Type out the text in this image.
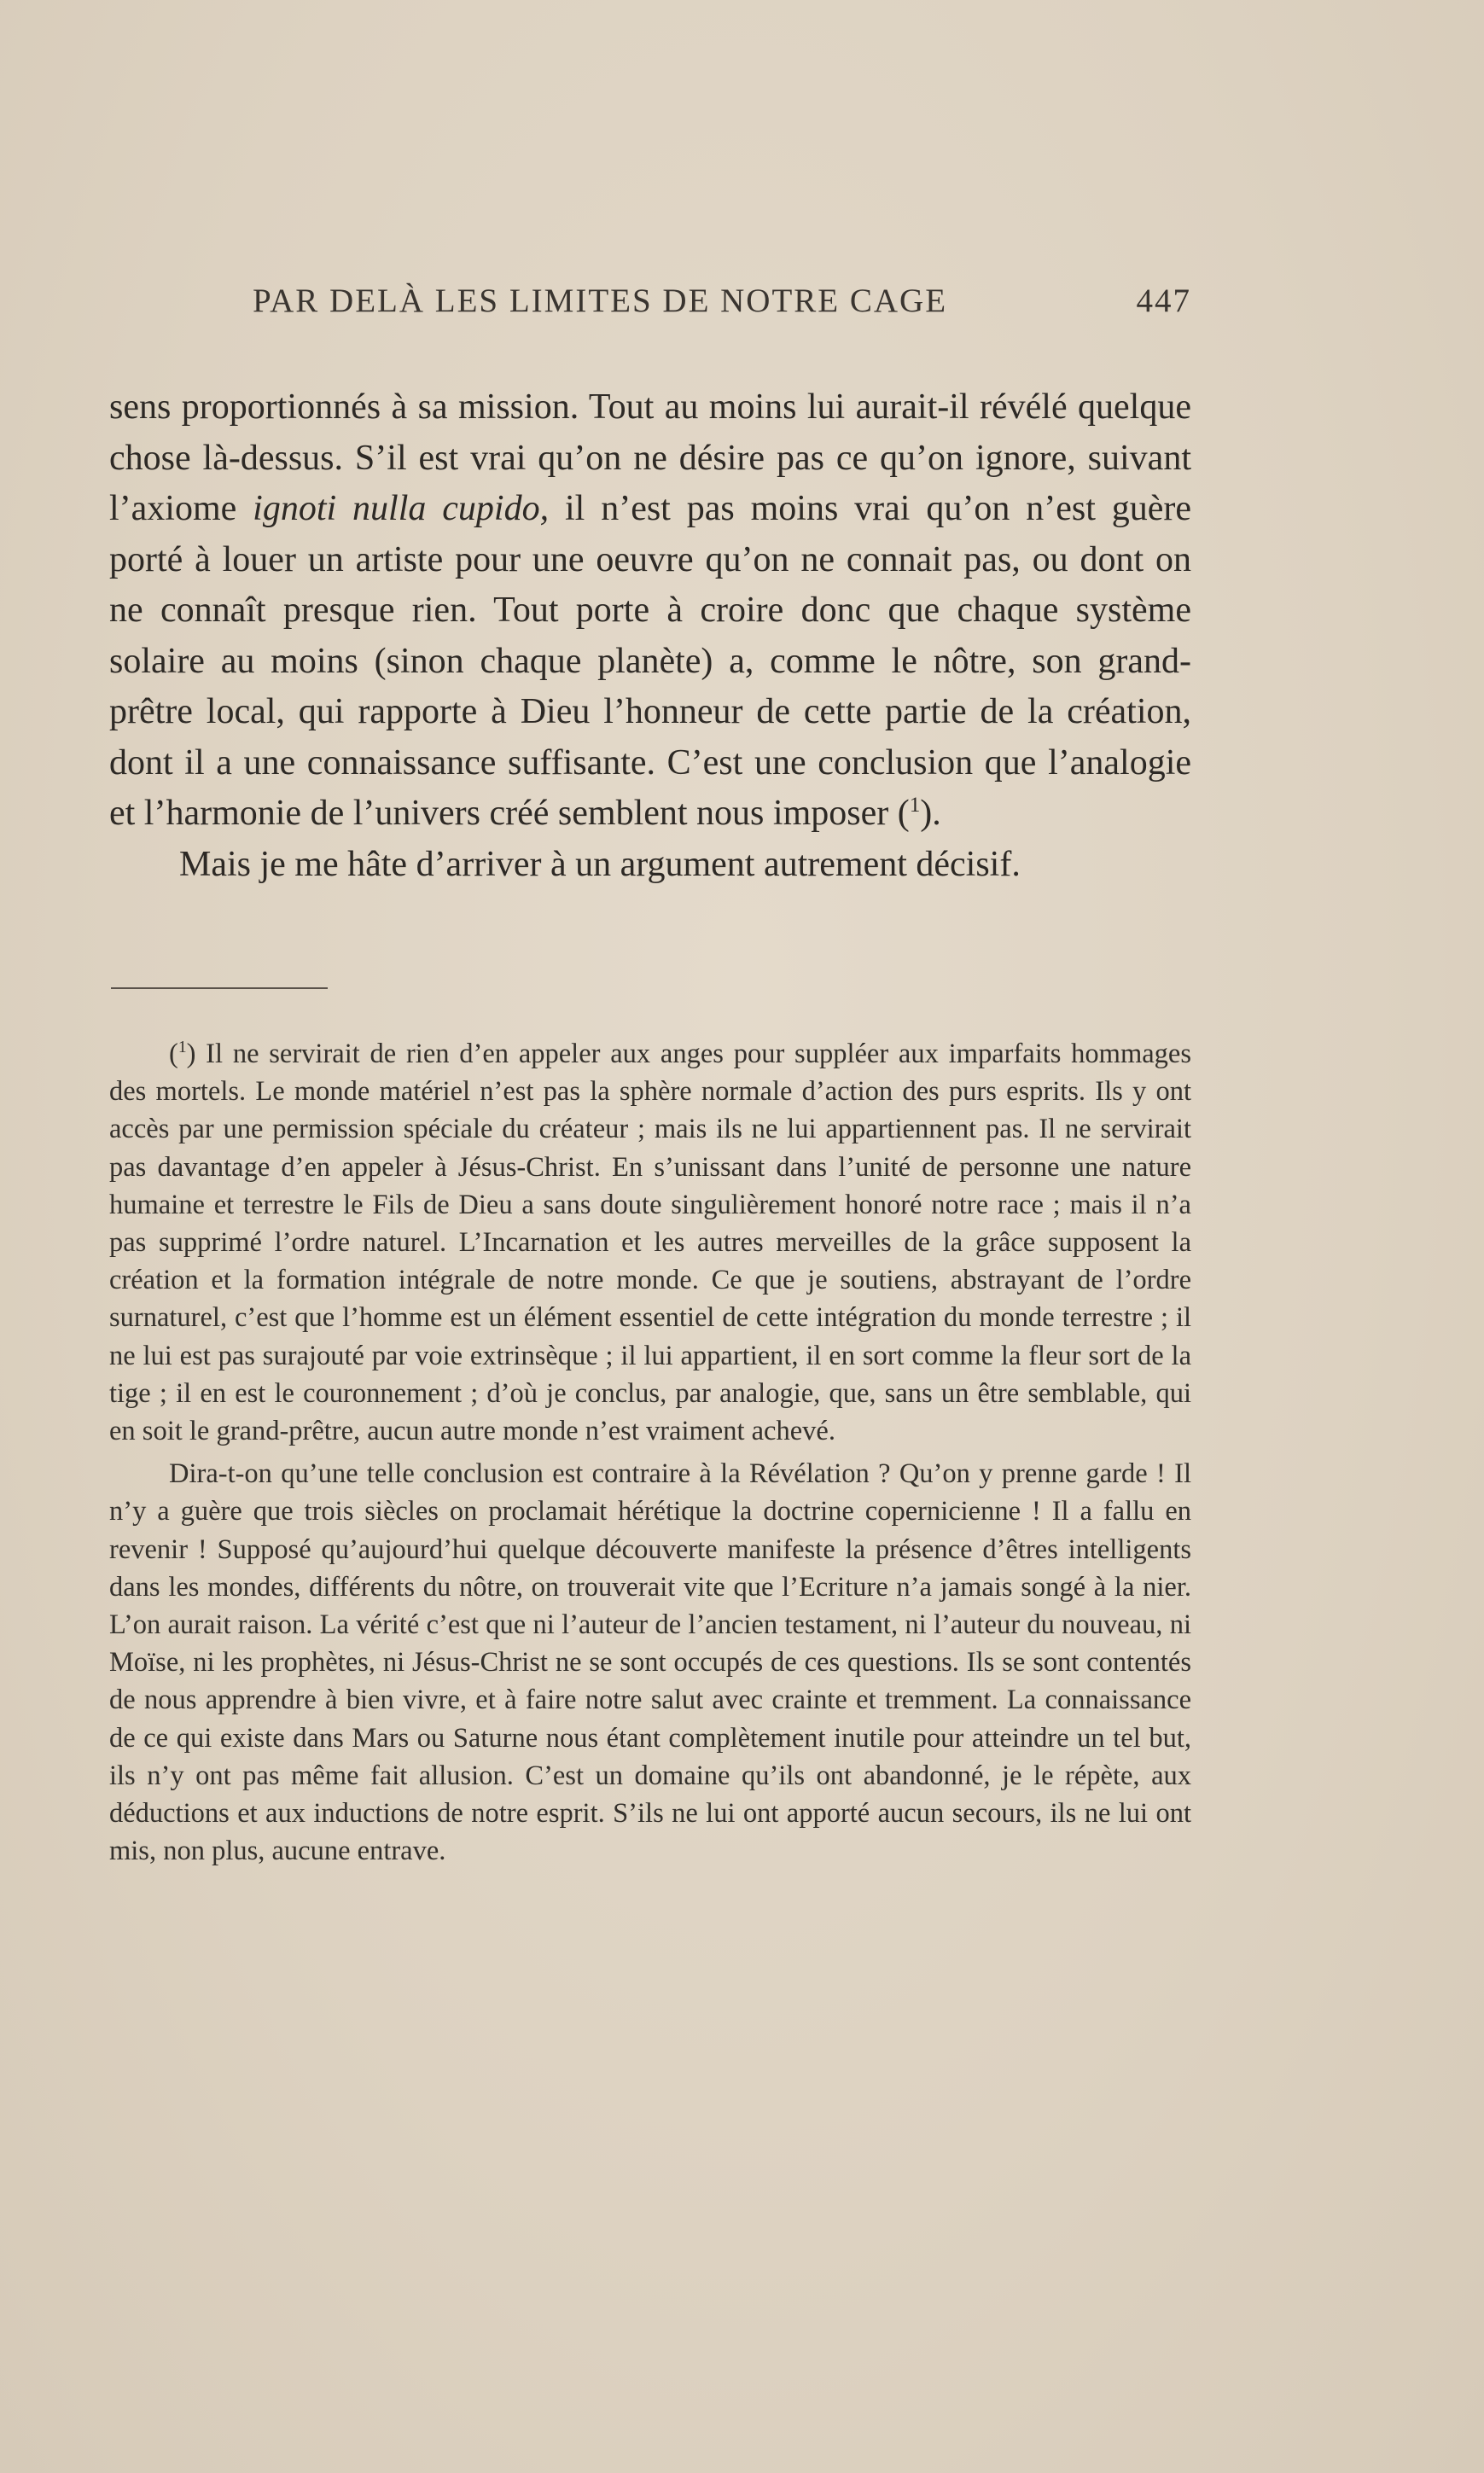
PAR DELÀ LES LIMITES DE NOTRE CAGE	447

sens proportionnés à sa mission. Tout au moins lui aurait-il révélé quelque chose là-dessus. S’il est vrai qu’on ne désire pas ce qu’on ignore, suivant l’axiome ignoti nulla cupido, il n’est pas moins vrai qu’on n’est guère porté à louer un artiste pour une oeuvre qu’on ne connait pas, ou dont on ne connaît presque rien. Tout porte à croire donc que chaque système solaire au moins (sinon chaque planète) a, comme le nôtre, son grand-prêtre local, qui rapporte à Dieu l’honneur de cette partie de la création, dont il a une connaissance suffisante. C’est une conclusion que l’analogie et l’harmonie de l’univers créé semblent nous imposer ($^1$).

Mais je me hâte d’arriver à un argument autrement décisif.

($^1$) Il ne servirait de rien d’en appeler aux anges pour suppléer aux imparfaits hommages des mortels. Le monde matériel n’est pas la sphère normale d’action des purs esprits. Ils y ont accès par une permission spéciale du créateur ; mais ils ne lui appartiennent pas. Il ne servirait pas davantage d’en appeler à Jésus-Christ. En s’unissant dans l’unité de personne une nature humaine et terrestre le Fils de Dieu a sans doute singulièrement honoré notre race ; mais il n’a pas supprimé l’ordre naturel. L’Incarnation et les autres merveilles de la grâce supposent la création et la formation intégrale de notre monde. Ce que je soutiens, abstrayant de l’ordre surnaturel, c’est que l’homme est un élément essentiel de cette intégration du monde terrestre ; il ne lui est pas surajouté par voie extrinsèque ; il lui appartient, il en sort comme la fleur sort de la tige ; il en est le couronnement ; d’où je conclus, par analogie, que, sans un être semblable, qui en soit le grand-prêtre, aucun autre monde n’est vraiment achevé.

Dira-t-on qu’une telle conclusion est contraire à la Révélation ? Qu’on y prenne garde ! Il n’y a guère que trois siècles on proclamait hérétique la doctrine copernicienne ! Il a fallu en revenir ! Supposé qu’aujourd’hui quelque découverte manifeste la présence d’êtres intelligents dans les mondes, différents du nôtre, on trouverait vite que l’Ecriture n’a jamais songé à la nier. L’on aurait raison. La vérité c’est que ni l’auteur de l’ancien testament, ni l’auteur du nouveau, ni Moïse, ni les prophètes, ni Jésus-Christ ne se sont occupés de ces questions. Ils se sont contentés de nous apprendre à bien vivre, et à faire notre salut avec crainte et tremment. La connaissance de ce qui existe dans Mars ou Saturne nous étant complètement inutile pour atteindre un tel but, ils n’y ont pas même fait allusion. C’est un domaine qu’ils ont abandonné, je le répète, aux déductions et aux inductions de notre esprit. S’ils ne lui ont apporté aucun secours, ils ne lui ont mis, non plus, aucune entrave.
